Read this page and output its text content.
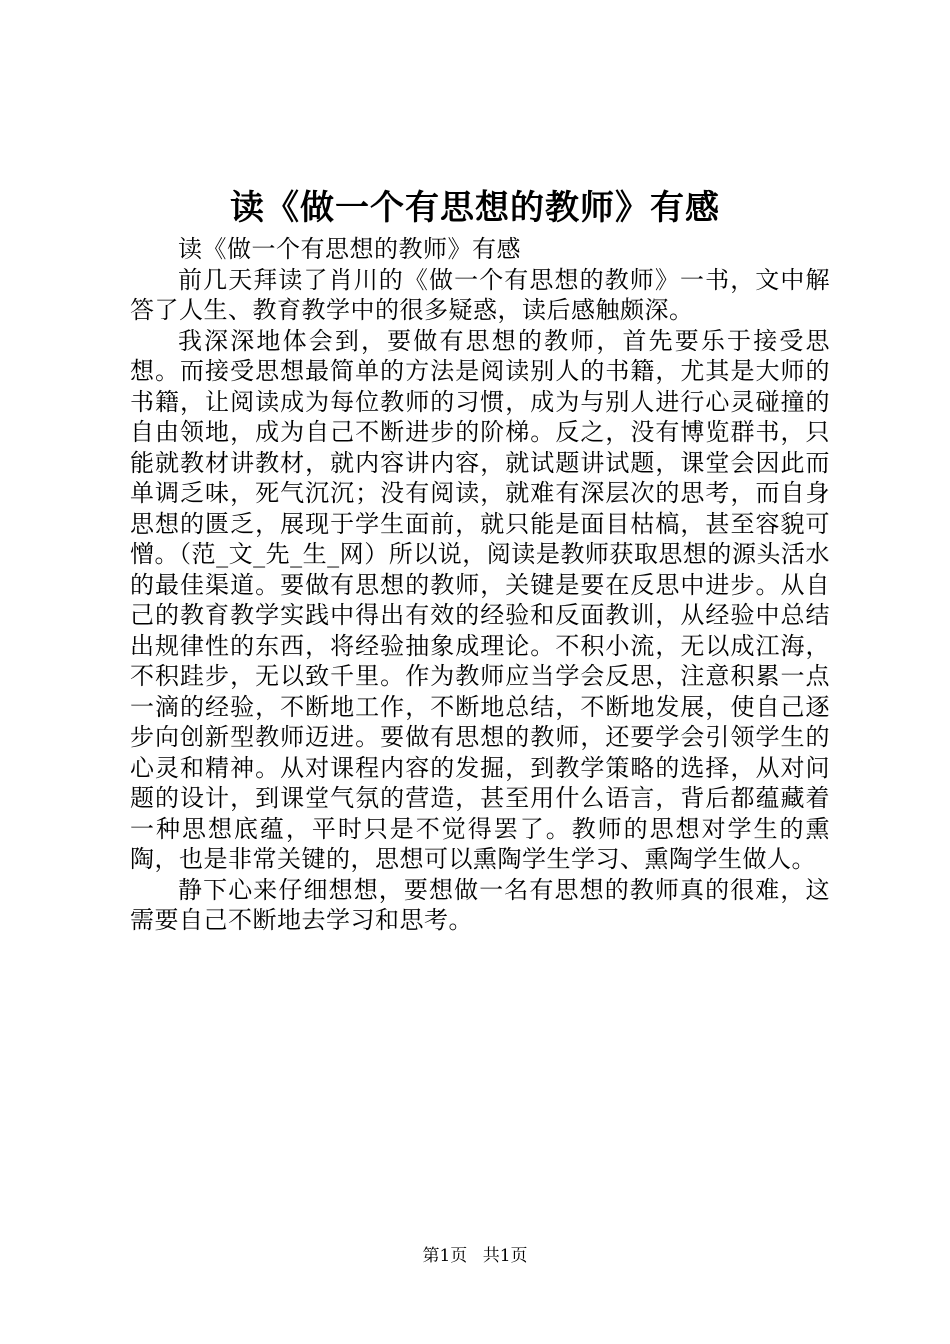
读《做一个有思想的教师》有感

读《做一个有思想的教师》有感

前几天拜读了肖川的《做一个有思想的教师》一书，文中解答了人生、教育教学中的很多疑惑，读后感触颇深。

我深深地体会到，要做有思想的教师，首先要乐于接受思想。而接受思想最简单的方法是阅读别人的书籍，尤其是大师的书籍，让阅读成为每位教师的习惯，成为与别人进行心灵碰撞的自由领地，成为自己不断进步的阶梯。反之，没有博览群书，只能就教材讲教材，就内容讲内容，就试题讲试题，课堂会因此而单调乏味，死气沉沉；没有阅读，就难有深层次的思考，而自身思想的匮乏，展现于学生面前，就只能是面目枯槁，甚至容貌可憎。（范_文_先_生_网）所以说，阅读是教师获取思想的源头活水的最佳渠道。要做有思想的教师，关键是要在反思中进步。从自己的教育教学实践中得出有效的经验和反面教训，从经验中总结出规律性的东西，将经验抽象成理论。不积小流，无以成江海，不积跬步，无以致千里。作为教师应当学会反思，注意积累一点一滴的经验，不断地工作，不断地总结，不断地发展，使自己逐步向创新型教师迈进。要做有思想的教师，还要学会引领学生的心灵和精神。从对课程内容的发掘，到教学策略的选择，从对问题的设计，到课堂气氛的营造，甚至用什么语言，背后都蕴藏着一种思想底蕴，平时只是不觉得罢了。教师的思想对学生的熏陶，也是非常关键的，思想可以熏陶学生学习、熏陶学生做人。

静下心来仔细想想，要想做一名有思想的教师真的很难，这需要自己不断地去学习和思考。

第1页 共1页
